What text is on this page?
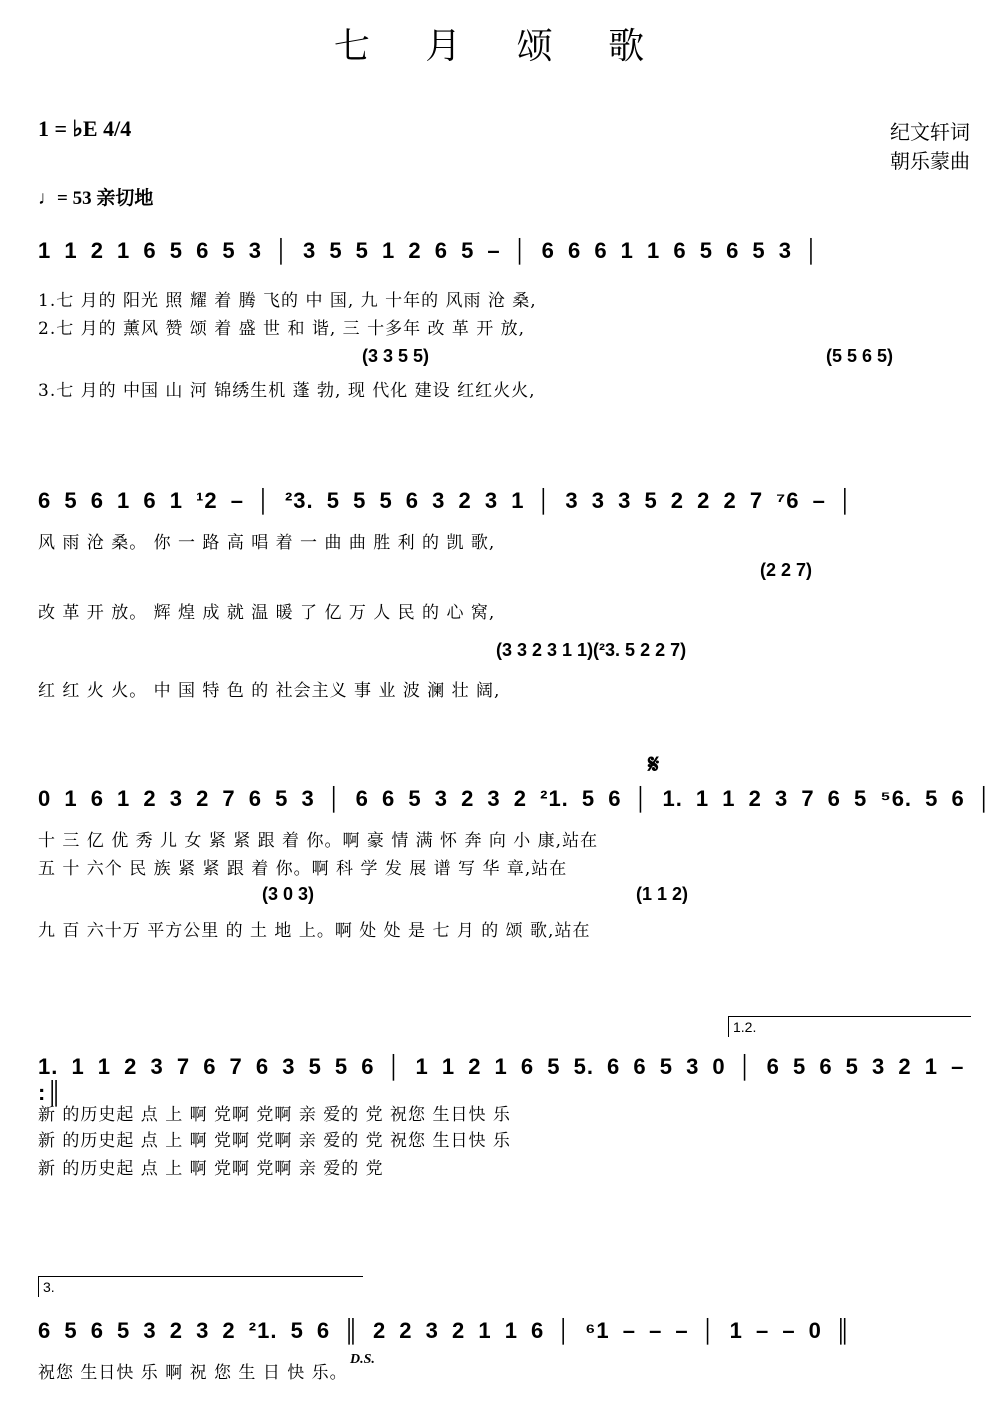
七 月 颂 歌
1 = ♭E 4/4
♩= 53 亲切地
纪文轩词
朝乐蒙曲
1 1 2 1 6 5 6 5 3 │ 3 5 5 1 2 6 5 – │ 6 6 6 1 1 6 5 6 5 3 │
(3 3 5 5)	(5 5 6 5)
1.七 月的 阳光 照 耀 着 腾 飞的 中 国, 九 十年的 风雨 沧 桑,
2.七 月的 薰风 赞 颂 着 盛 世 和 谐, 三 十多年 改 革 开 放,
3.七 月的 中国 山 河 锦绣生机 蓬 勃, 现 代化 建设 红红火火,
6 5 6 1 6 1 ¹2 – │ ²3. 5 5 5 6 3 2 3 1 │ 3 3 3 5 2 2 2 7 ⁷6 – │
(2 2 7)
(3 3 2 3 1 1)(²3. 5 2 2 7)
风 雨 沧 桑。 你 一 路 高 唱 着 一 曲 曲 胜 利 的 凯 歌,
改 革 开 放。 辉 煌 成 就 温 暖 了 亿 万 人 民 的 心 窝,
红 红 火 火。 中 国 特 色 的 社会主义 事 业 波 澜 壮 阔,
𝄋
0 1 6 1 2 3 2 7 6 5 3 │ 6 6 5 3 2 3 2 ²1. 5 6 │ 1. 1 1 2 3 7 6 5 ⁵6. 5 6 │
(3 0 3)	(1 1 2)
十 三 亿 优 秀 儿 女 紧 紧 跟 着 你。啊 豪 情 满 怀 奔 向 小 康,站在
五 十 六个 民 族 紧 紧 跟 着 你。啊 科 学 发 展 谱 写 华 章,站在
九 百 六十万 平方公里 的 土 地 上。啊 处 处 是 七 月 的 颂 歌,站在
1.2.
1. 1 1 2 3 7 6 7 6 3 5 5 6 │ 1 1 2 1 6 5 5. 6 6 5 3 0 │ 6 5 6 5 3 2 1 – :║
新 的历史起 点 上 啊 党啊 党啊 亲 爱的 党 祝您 生日快 乐
新 的历史起 点 上 啊 党啊 党啊 亲 爱的 党 祝您 生日快 乐
新 的历史起 点 上 啊 党啊 党啊 亲 爱的 党
3.
6 5 6 5 3 2 3 2 ²1. 5 6 ║ 2 2 3 2 1 1 6 │ ⁶1 – – – │ 1 – – 0 ║
D.S.
祝您 生日快 乐 啊 祝 您 生 日 快 乐。
